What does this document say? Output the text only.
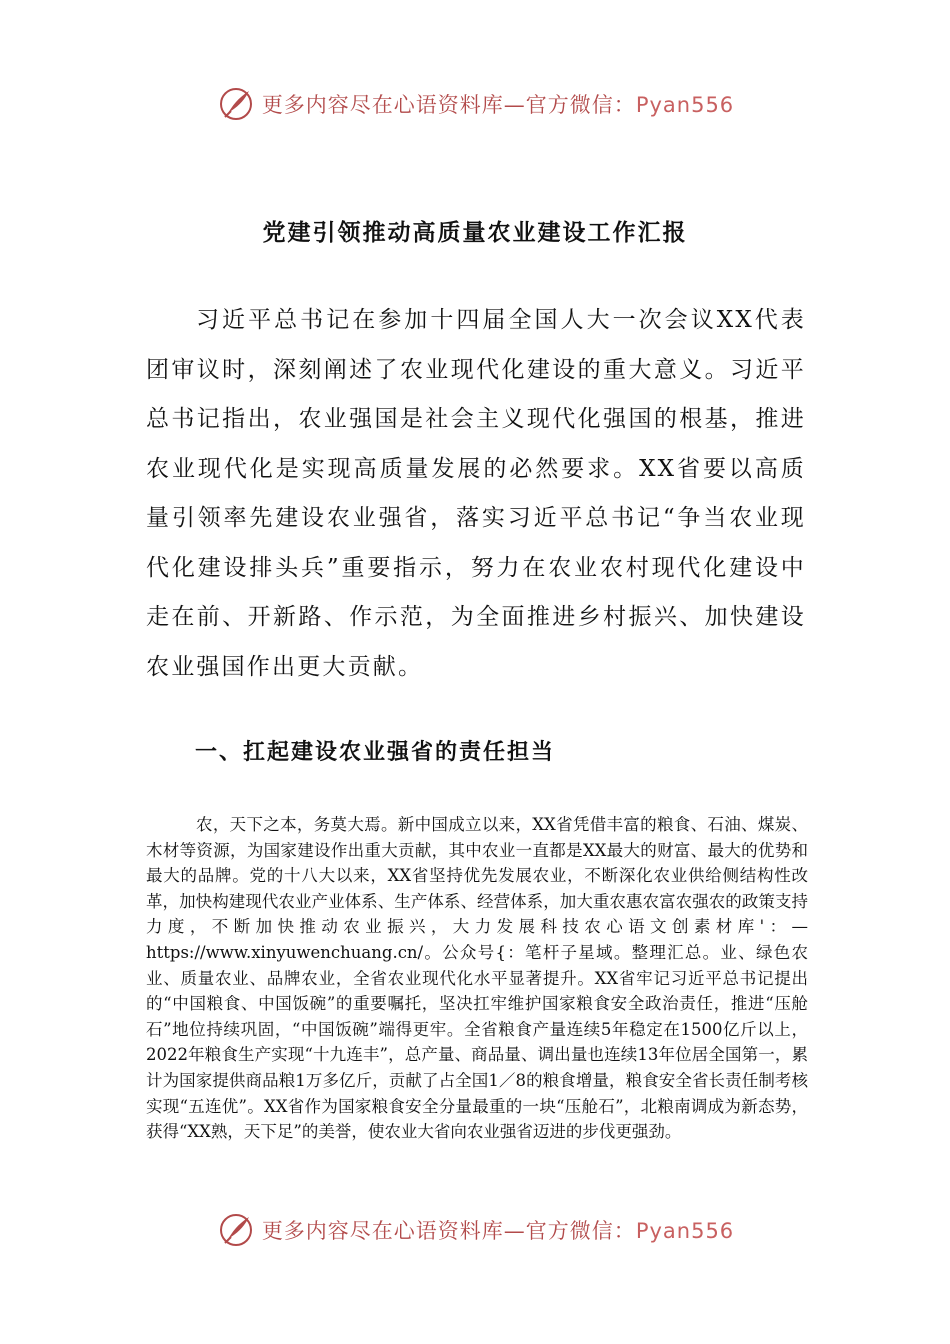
更多内容尽在心语资料库—官方微信：Pyan556
党建引领推动高质量农业建设工作汇报

习近平总书记在参加十四届全国人大一次会议XX代表团审议时，深刻阐述了农业现代化建设的重大意义。习近平总书记指出，农业强国是社会主义现代化强国的根基，推进农业现代化是实现高质量发展的必然要求。XX省要以高质量引领率先建设农业强省，落实习近平总书记“争当农业现代化建设排头兵”重要指示，努力在农业农村现代化建设中走在前、开新路、作示范，为全面推进乡村振兴、加快建设农业强国作出更大贡献。

一、扛起建设农业强省的责任担当

农，天下之本，务莫大焉。新中国成立以来，XX省凭借丰富的粮食、石油、煤炭、木材等资源，为国家建设作出重大贡献，其中农业一直都是XX最大的财富、最大的优势和最大的品牌。党的十八大以来，XX省坚持优先发展农业，不断深化农业供给侧结构性改革，加快构建现代农业产业体系、生产体系、经营体系，加大重农惠农富农强农的政策支持力度，不断加快推动农业振兴，大力发展科技农心语文创素材库'：—https://www.xinyuwenchuang.cn/。公众号{：笔杆子星域。整理汇总。业、绿色农业、质量农业、品牌农业，全省农业现代化水平显著提升。XX省牢记习近平总书记提出的“中国粮食、中国饭碗”的重要嘱托，坚决扛牢维护国家粮食安全政治责任，推进“压舱石”地位持续巩固，“中国饭碗”端得更牢。全省粮食产量连续5年稳定在1500亿斤以上，2022年粮食生产实现“十九连丰”，总产量、商品量、调出量也连续13年位居全国第一，累计为国家提供商品粮1万多亿斤，贡献了占全国1／8的粮食增量，粮食安全省长责任制考核实现“五连优”。XX省作为国家粮食安全分量最重的一块“压舱石”，北粮南调成为新态势，获得“XX熟，天下足”的美誉，使农业大省向农业强省迈进的步伐更强劲。

更多内容尽在心语资料库—官方微信：Pyan556
